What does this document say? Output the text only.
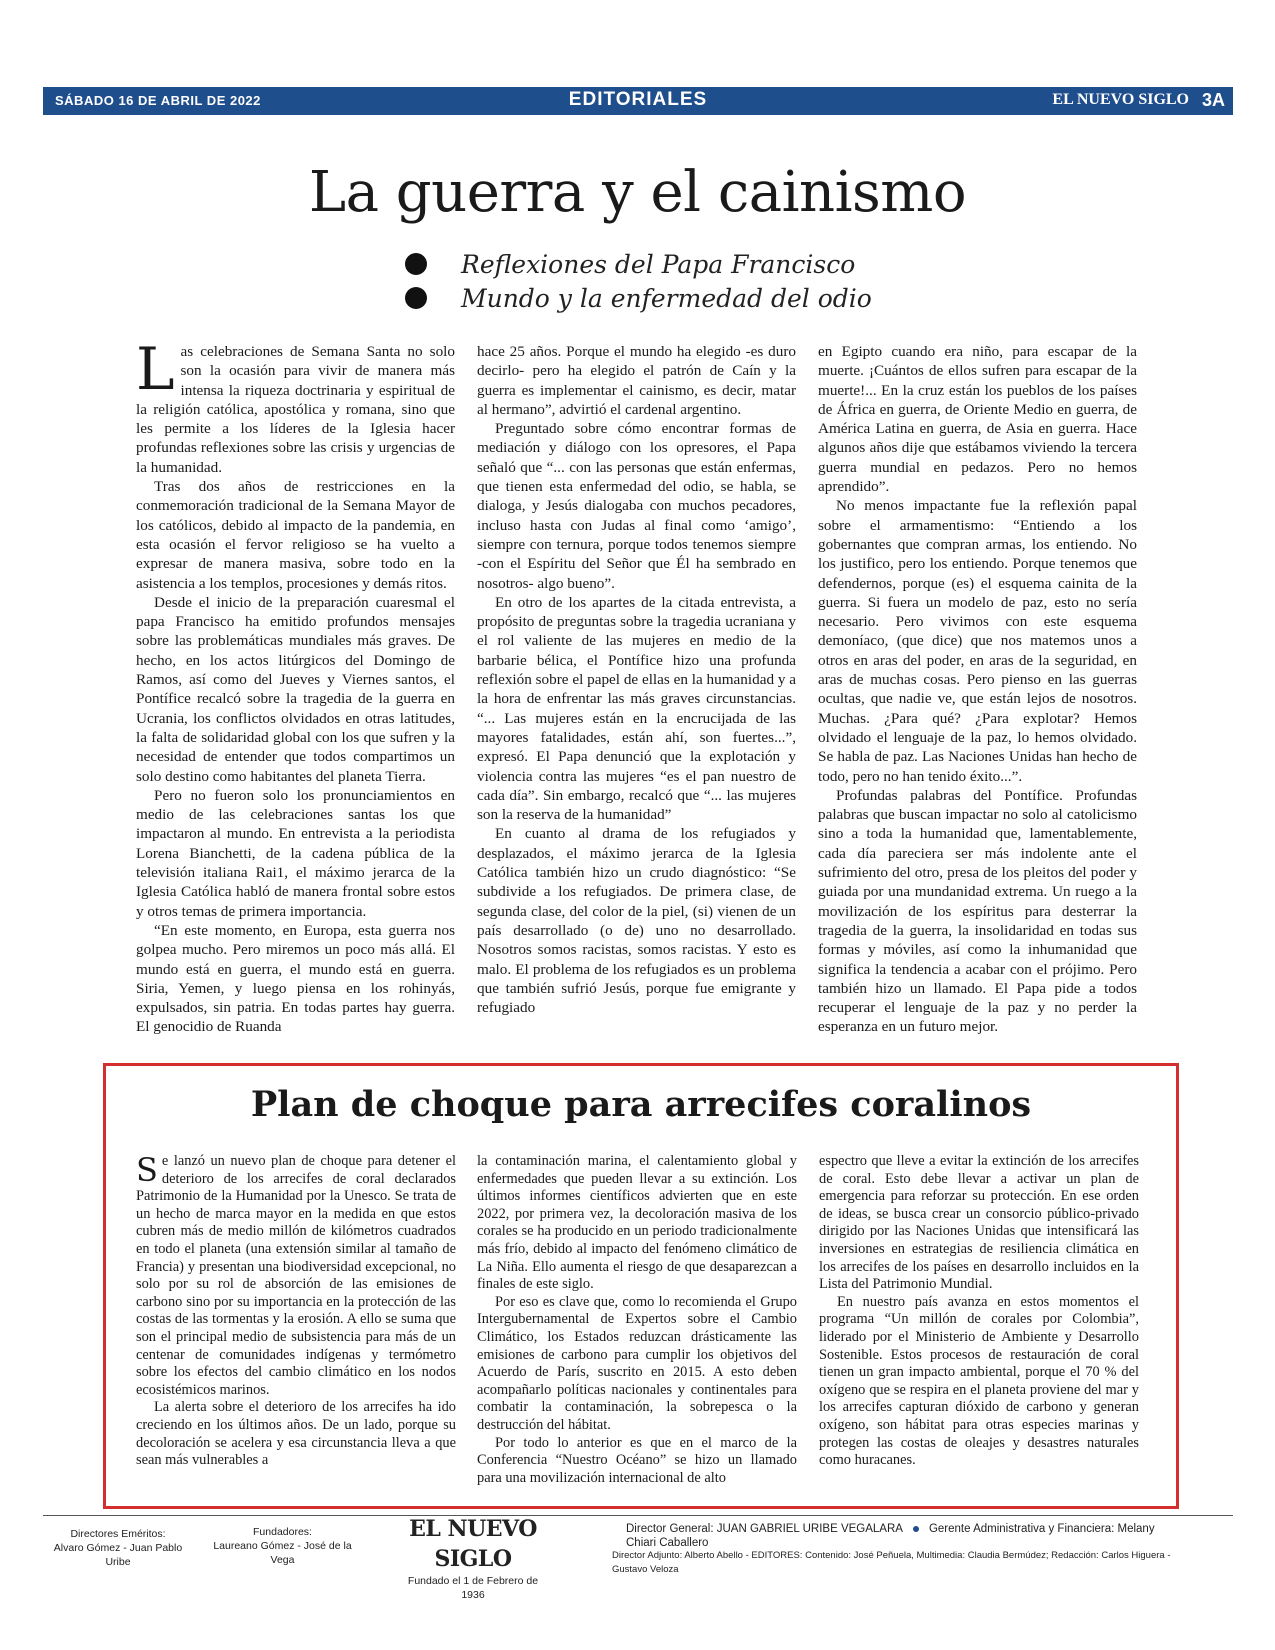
SÁBADO 16 DE ABRIL DE 2022	EDITORIALES	EL NUEVO SIGLO 3A
La guerra y el cainismo
Reflexiones del Papa Francisco
Mundo y la enfermedad del odio

Las celebraciones de Semana Santa no solo son la ocasión para vivir de manera más intensa la riqueza doctrinaria y espiritual de la religión católica, apostólica y romana, sino que les permite a los líderes de la Iglesia hacer profundas reflexiones sobre las crisis y urgencias de la humanidad.

Tras dos años de restricciones en la conmemoración tradicional de la Semana Mayor de los católicos, debido al impacto de la pandemia, en esta ocasión el fervor religioso se ha vuelto a expresar de manera masiva, sobre todo en la asistencia a los templos, procesiones y demás ritos.

Desde el inicio de la preparación cuaresmal el papa Francisco ha emitido profundos mensajes sobre las problemáticas mundiales más graves. De hecho, en los actos litúrgicos del Domingo de Ramos, así como del Jueves y Viernes santos, el Pontífice recalcó sobre la tragedia de la guerra en Ucrania, los conflictos olvidados en otras latitudes, la falta de solidaridad global con los que sufren y la necesidad de entender que todos compartimos un solo destino como habitantes del planeta Tierra.

Pero no fueron solo los pronunciamientos en medio de las celebraciones santas los que impactaron al mundo. En entrevista a la periodista Lorena Bianchetti, de la cadena pública de la televisión italiana Rai1, el máximo jerarca de la Iglesia Católica habló de manera frontal sobre estos y otros temas de primera importancia.

“En este momento, en Europa, esta guerra nos golpea mucho. Pero miremos un poco más allá. El mundo está en guerra, el mundo está en guerra. Siria, Yemen, y luego piensa en los rohinyás, expulsados, sin patria. En todas partes hay guerra. El genocidio de Ruanda

hace 25 años. Porque el mundo ha elegido -es duro decirlo- pero ha elegido el patrón de Caín y la guerra es implementar el cainismo, es decir, matar al hermano”, advirtió el cardenal argentino.

Preguntado sobre cómo encontrar formas de mediación y diálogo con los opresores, el Papa señaló que “... con las personas que están enfermas, que tienen esta enfermedad del odio, se habla, se dialoga, y Jesús dialogaba con muchos pecadores, incluso hasta con Judas al final como ‘amigo’, siempre con ternura, porque todos tenemos siempre -con el Espíritu del Señor que Él ha sembrado en nosotros- algo bueno”.

En otro de los apartes de la citada entrevista, a propósito de preguntas sobre la tragedia ucraniana y el rol valiente de las mujeres en medio de la barbarie bélica, el Pontífice hizo una profunda reflexión sobre el papel de ellas en la humanidad y a la hora de enfrentar las más graves circunstancias. “... Las mujeres están en la encrucijada de las mayores fatalidades, están ahí, son fuertes...”, expresó. El Papa denunció que la explotación y violencia contra las mujeres “es el pan nuestro de cada día”. Sin embargo, recalcó que “... las mujeres son la reserva de la humanidad”

En cuanto al drama de los refugiados y desplazados, el máximo jerarca de la Iglesia Católica también hizo un crudo diagnóstico: “Se subdivide a los refugiados. De primera clase, de segunda clase, del color de la piel, (si) vienen de un país desarrollado (o de) uno no desarrollado. Nosotros somos racistas, somos racistas. Y esto es malo. El problema de los refugiados es un problema que también sufrió Jesús, porque fue emigrante y refugiado

en Egipto cuando era niño, para escapar de la muerte. ¡Cuántos de ellos sufren para escapar de la muerte!... En la cruz están los pueblos de los países de África en guerra, de Oriente Medio en guerra, de América Latina en guerra, de Asia en guerra. Hace algunos años dije que estábamos viviendo la tercera guerra mundial en pedazos. Pero no hemos aprendido”.

No menos impactante fue la reflexión papal sobre el armamentismo: “Entiendo a los gobernantes que compran armas, los entiendo. No los justifico, pero los entiendo. Porque tenemos que defendernos, porque (es) el esquema cainita de la guerra. Si fuera un modelo de paz, esto no sería necesario. Pero vivimos con este esquema demoníaco, (que dice) que nos matemos unos a otros en aras del poder, en aras de la seguridad, en aras de muchas cosas. Pero pienso en las guerras ocultas, que nadie ve, que están lejos de nosotros. Muchas. ¿Para qué? ¿Para explotar? Hemos olvidado el lenguaje de la paz, lo hemos olvidado. Se habla de paz. Las Naciones Unidas han hecho de todo, pero no han tenido éxito...”.

Profundas palabras del Pontífice. Profundas palabras que buscan impactar no solo al catolicismo sino a toda la humanidad que, lamentablemente, cada día pareciera ser más indolente ante el sufrimiento del otro, presa de los pleitos del poder y guiada por una mundanidad extrema. Un ruego a la movilización de los espíritus para desterrar la tragedia de la guerra, la insolidaridad en todas sus formas y móviles, así como la inhumanidad que significa la tendencia a acabar con el prójimo. Pero también hizo un llamado. El Papa pide a todos recuperar el lenguaje de la paz y no perder la esperanza en un futuro mejor.

Plan de choque para arrecifes coralinos

Se lanzó un nuevo plan de choque para detener el deterioro de los arrecifes de coral declarados Patrimonio de la Humanidad por la Unesco. Se trata de un hecho de marca mayor en la medida en que estos cubren más de medio millón de kilómetros cuadrados en todo el planeta (una extensión similar al tamaño de Francia) y presentan una biodiversidad excepcional, no solo por su rol de absorción de las emisiones de carbono sino por su importancia en la protección de las costas de las tormentas y la erosión. A ello se suma que son el principal medio de subsistencia para más de un centenar de comunidades indígenas y termómetro sobre los efectos del cambio climático en los nodos ecosistémicos marinos.

La alerta sobre el deterioro de los arrecifes ha ido creciendo en los últimos años. De un lado, porque su decoloración se acelera y esa circunstancia lleva a que sean más vulnerables a

la contaminación marina, el calentamiento global y enfermedades que pueden llevar a su extinción. Los últimos informes científicos advierten que en este 2022, por primera vez, la decoloración masiva de los corales se ha producido en un periodo tradicionalmente más frío, debido al impacto del fenómeno climático de La Niña. Ello aumenta el riesgo de que desaparezcan a finales de este siglo.

Por eso es clave que, como lo recomienda el Grupo Intergubernamental de Expertos sobre el Cambio Climático, los Estados reduzcan drásticamente las emisiones de carbono para cumplir los objetivos del Acuerdo de París, suscrito en 2015. A esto deben acompañarlo políticas nacionales y continentales para combatir la contaminación, la sobrepesca o la destrucción del hábitat.

Por todo lo anterior es que en el marco de la Conferencia “Nuestro Océano” se hizo un llamado para una movilización internacional de alto

espectro que lleve a evitar la extinción de los arrecifes de coral. Esto debe llevar a activar un plan de emergencia para reforzar su protección. En ese orden de ideas, se busca crear un consorcio público-privado dirigido por las Naciones Unidas que intensificará las inversiones en estrategias de resiliencia climática en los arrecifes de los países en desarrollo incluidos en la Lista del Patrimonio Mundial.

En nuestro país avanza en estos momentos el programa “Un millón de corales por Colombia”, liderado por el Ministerio de Ambiente y Desarrollo Sostenible. Estos procesos de restauración de coral tienen un gran impacto ambiental, porque el 70 % del oxígeno que se respira en el planeta proviene del mar y los arrecifes capturan dióxido de carbono y generan oxígeno, son hábitat para otras especies marinas y protegen las costas de oleajes y desastres naturales como huracanes.

Directores Eméritos:
Alvaro Gómez - Juan Pablo Uribe
Fundadores:
Laureano Gómez - José de la Vega
EL NUEVO SIGLO
Fundado el 1 de Febrero de 1936
Director General: JUAN GABRIEL URIBE VEGALARA Gerente Administrativa y Financiera: Melany Chiari Caballero
Director Adjunto: Alberto Abello - EDITORES: Contenido: José Peñuela, Multimedia: Claudia Bermúdez; Redacción: Carlos Higuera - Gustavo Veloza
